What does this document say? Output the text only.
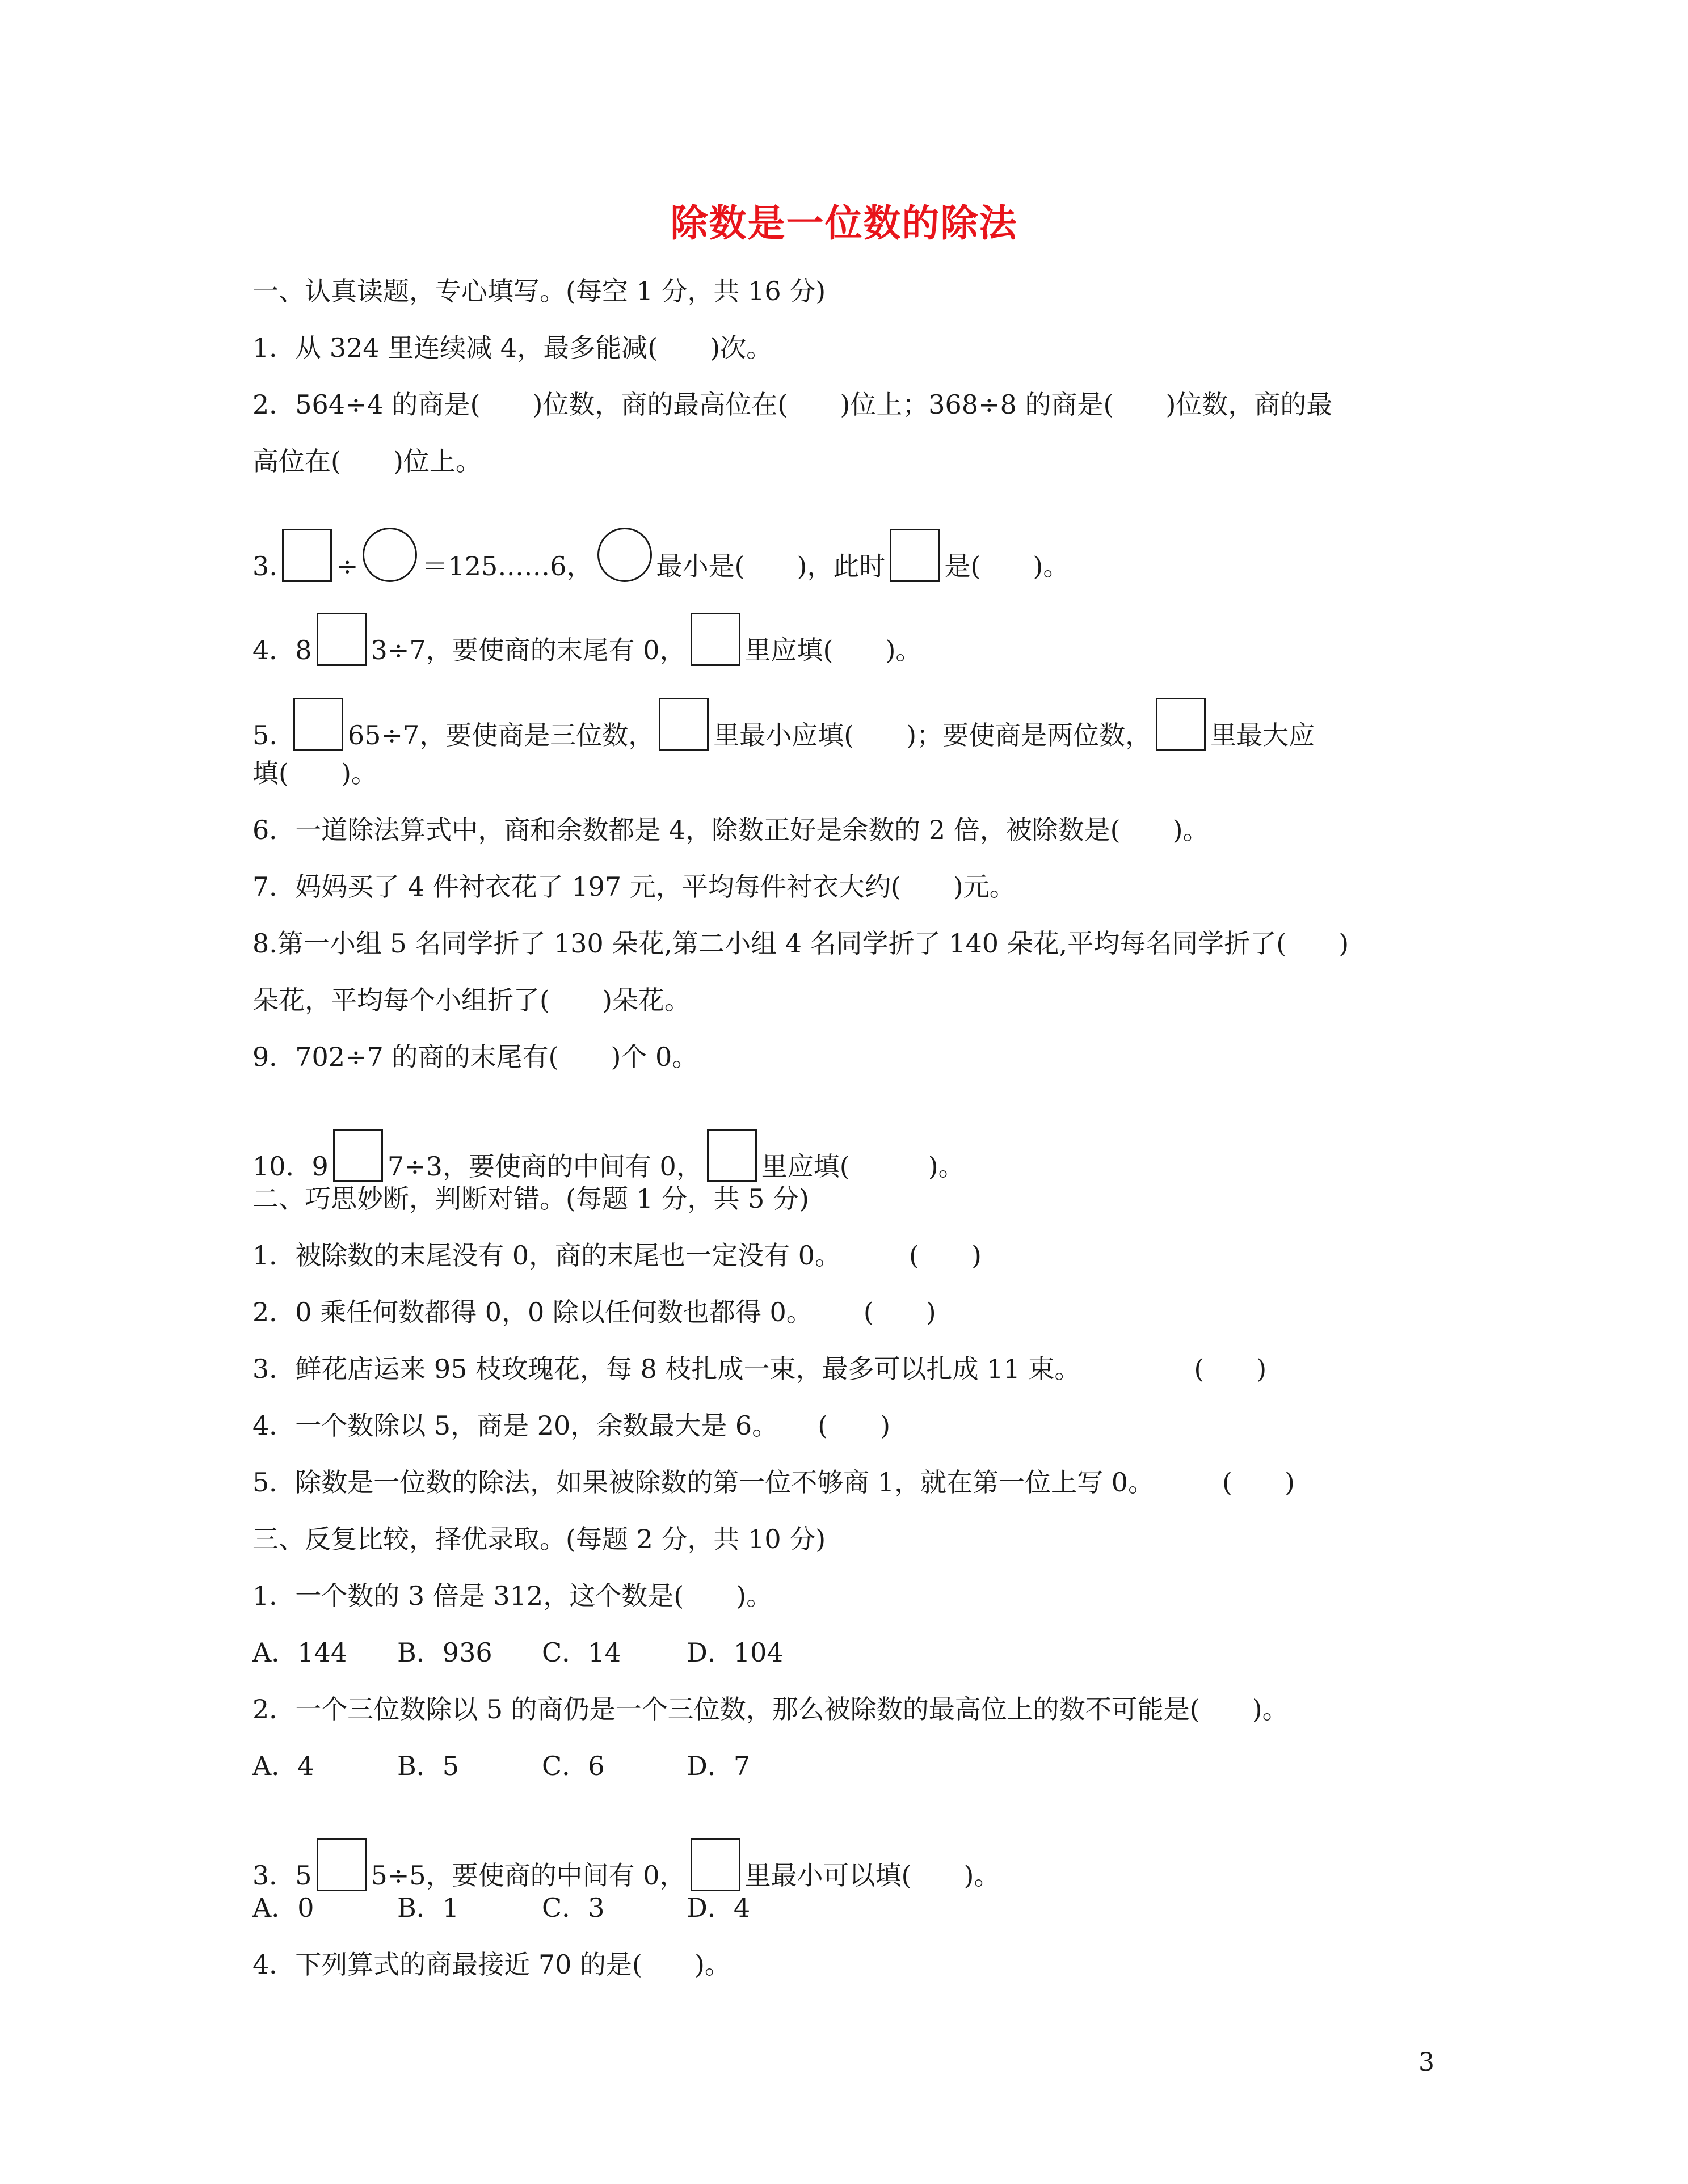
除数是一位数的除法
一、认真读题，专心填写。(每空 1 分，共 16 分)
1．从 324 里连续减 4，最多能减(　　)次。
2．564÷4 的商是(　　)位数，商的最高位在(　　)位上；368÷8 的商是(　　)位数，商的最
高位在(　　)位上。
3. ÷ ＝125……6， 最小是(　　)，此时 是(　　)。
4．8 3÷7，要使商的末尾有 0， 里应填(　　)。
5.	65÷7，要使商是三位数， 里最小应填(　　)；要使商是两位数， 里最大应
填(　　)。
6．一道除法算式中，商和余数都是 4，除数正好是余数的 2 倍，被除数是(　　)。
7．妈妈买了 4 件衬衣花了 197 元，平均每件衬衣大约(　　)元。
8.第一小组 5 名同学折了 130 朵花,第二小组 4 名同学折了 140 朵花,平均每名同学折了(　　)
朵花，平均每个小组折了(　　)朵花。
9．702÷7 的商的末尾有(　　)个 0。
10．9 7÷3，要使商的中间有 0， 里应填(　　　)。
二、巧思妙断，判断对错。(每题 1 分，共 5 分)
1．被除数的末尾没有 0，商的末尾也一定没有 0。	(　　)
2．0 乘任何数都得 0，0 除以任何数也都得 0。 (　　)
3．鲜花店运来 95 枝玫瑰花，每 8 枝扎成一束，最多可以扎成 11 束。	(　　)
4．一个数除以 5，商是 20，余数最大是 6。 (　　)
5．除数是一位数的除法，如果被除数的第一位不够商 1，就在第一位上写 0。	(　　)
三、反复比较，择优录取。(每题 2 分，共 10 分)
1．一个数的 3 倍是 312，这个数是(　　)。
A．144 B．936 C．14	D．104
2．一个三位数除以 5 的商仍是一个三位数，那么被除数的最高位上的数不可能是(　　)。
A．4	B．5	C．6	D．7
3．5 5÷5，要使商的中间有 0， 里最小可以填(　　)。
A．0	B．1	C．3	D．4
4．下列算式的商最接近 70 的是(　　)。
3
